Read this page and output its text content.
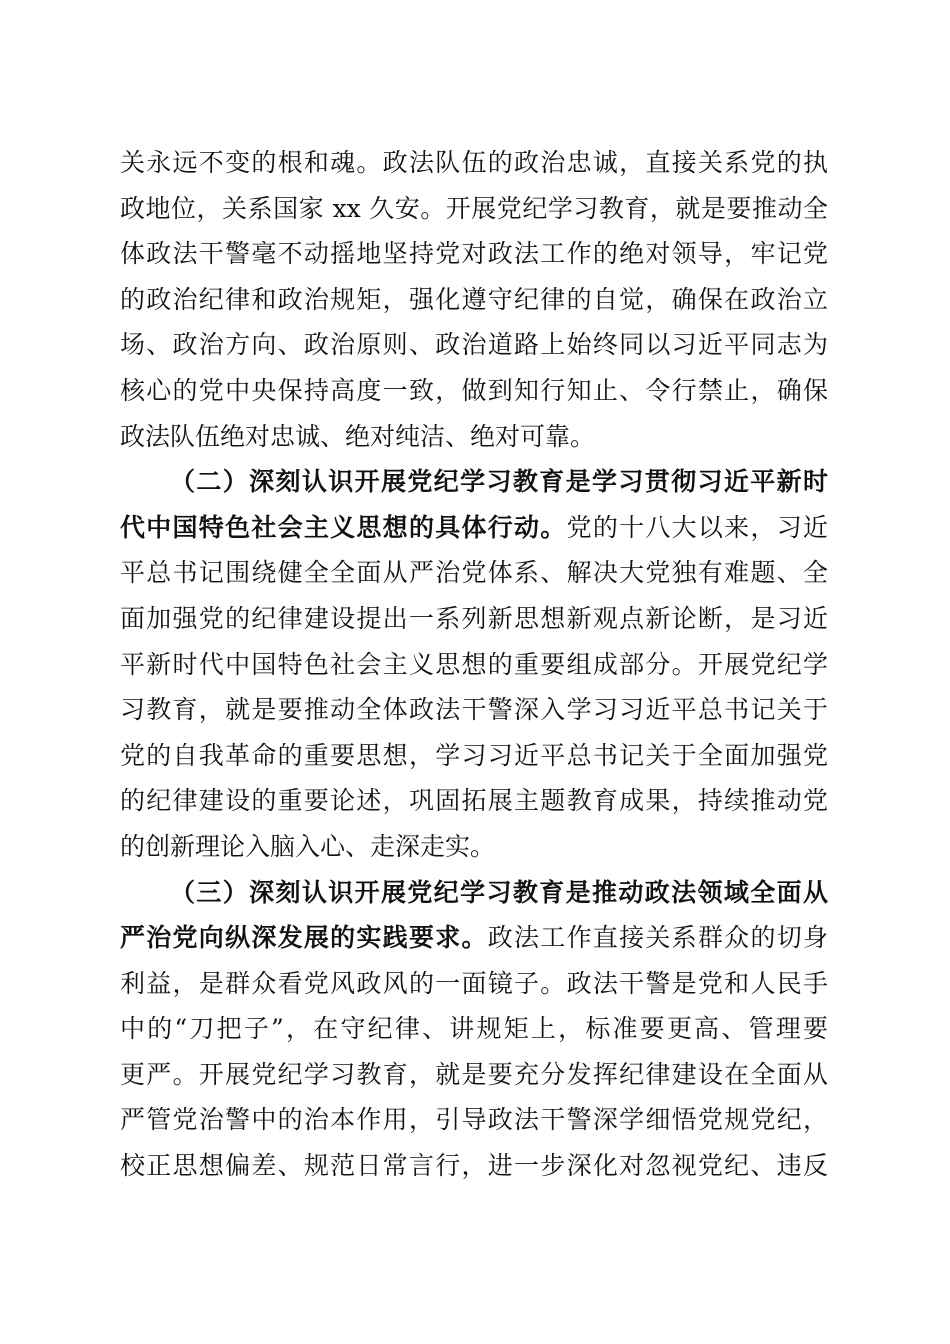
关永远不变的根和魂。政法队伍的政治忠诚，直接关系党的执
政地位，关系国家 xx 久安。开展党纪学习教育，就是要推动全
体政法干警毫不动摇地坚持党对政法工作的绝对领导，牢记党
的政治纪律和政治规矩，强化遵守纪律的自觉，确保在政治立
场、政治方向、政治原则、政治道路上始终同以习近平同志为
核心的党中央保持高度一致，做到知行知止、令行禁止，确保
政法队伍绝对忠诚、绝对纯洁、绝对可靠。
（二）深刻认识开展党纪学习教育是学习贯彻习近平新时
代中国特色社会主义思想的具体行动。党的十八大以来，习近
平总书记围绕健全全面从严治党体系、解决大党独有难题、全
面加强党的纪律建设提出一系列新思想新观点新论断，是习近
平新时代中国特色社会主义思想的重要组成部分。开展党纪学
习教育，就是要推动全体政法干警深入学习习近平总书记关于
党的自我革命的重要思想，学习习近平总书记关于全面加强党
的纪律建设的重要论述，巩固拓展主题教育成果，持续推动党
的创新理论入脑入心、走深走实。
（三）深刻认识开展党纪学习教育是推动政法领域全面从
严治党向纵深发展的实践要求。政法工作直接关系群众的切身
利益，是群众看党风政风的一面镜子。政法干警是党和人民手
中的“刀把子”，在守纪律、讲规矩上，标准要更高、管理要
更严。开展党纪学习教育，就是要充分发挥纪律建设在全面从
严管党治警中的治本作用，引导政法干警深学细悟党规党纪，
校正思想偏差、规范日常言行，进一步深化对忽视党纪、违反
